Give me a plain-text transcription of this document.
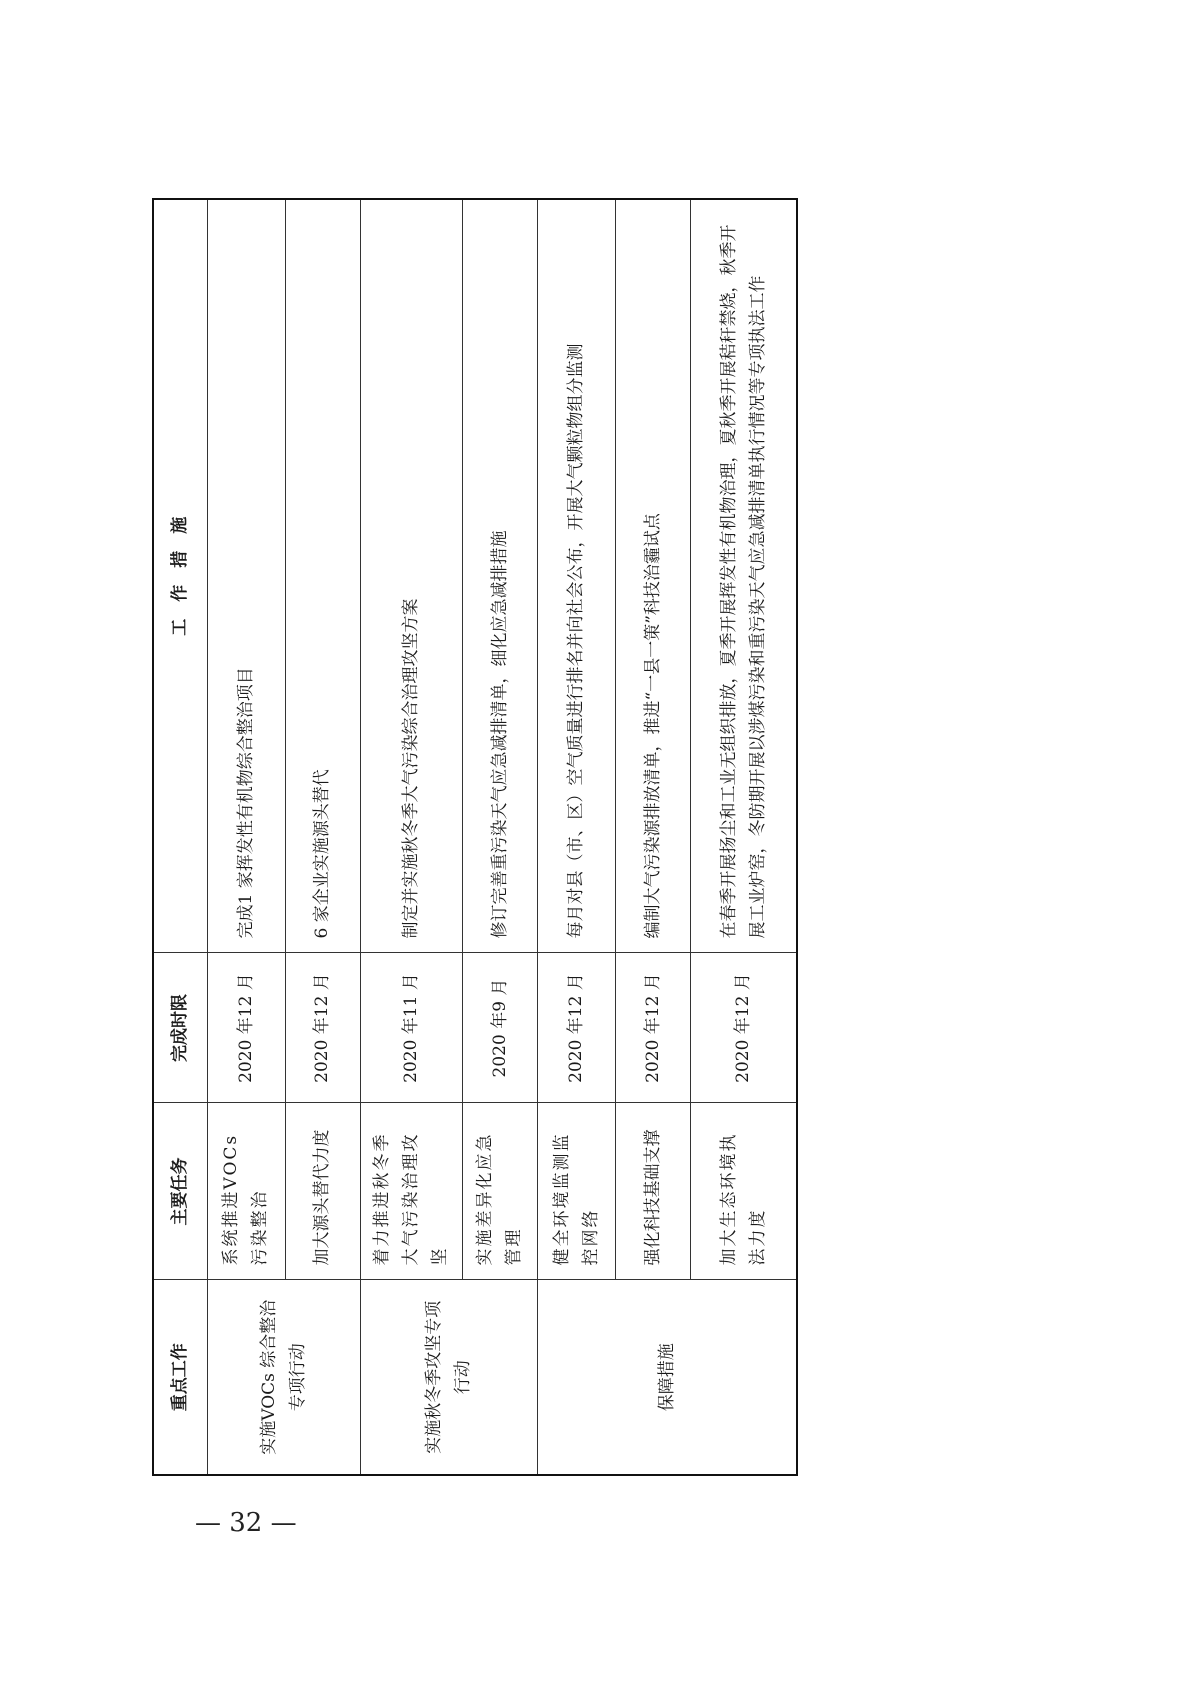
重点工作	主要任务	完成时限	工　作　措　施
实施VOCs 综合整治专项行动	系统推进VOCs 污染整治	2020 年12 月	完成1 家挥发性有机物综合整治项目
	加大源头替代力度	2020 年12 月	6 家企业实施源头替代
实施秋冬季攻坚专项行动	着力推进秋冬季大气污染治理攻坚	2020 年11 月	制定并实施秋冬季大气污染综合治理攻坚方案
	实施差异化应急管理	2020 年9 月	修订完善重污染天气应急减排清单，细化应急减排措施
保障措施	健全环境监测监控网络	2020 年12 月	每月对县（市、区）空气质量进行排名并向社会公布，开展大气颗粒物组分监测
	强化科技基础支撑	2020 年12 月	编制大气污染源排放清单，推进“一县一策”科技治霾试点
	加大生态环境执法力度	2020 年12 月	在春季开展扬尘和工业无组织排放，夏季开展挥发性有机物治理，夏秋季开展秸秆禁烧，秋季开展工业炉窑，冬防期开展以涉煤污染和重污染天气应急减排清单执行情况等专项执法工作
— 32 —
